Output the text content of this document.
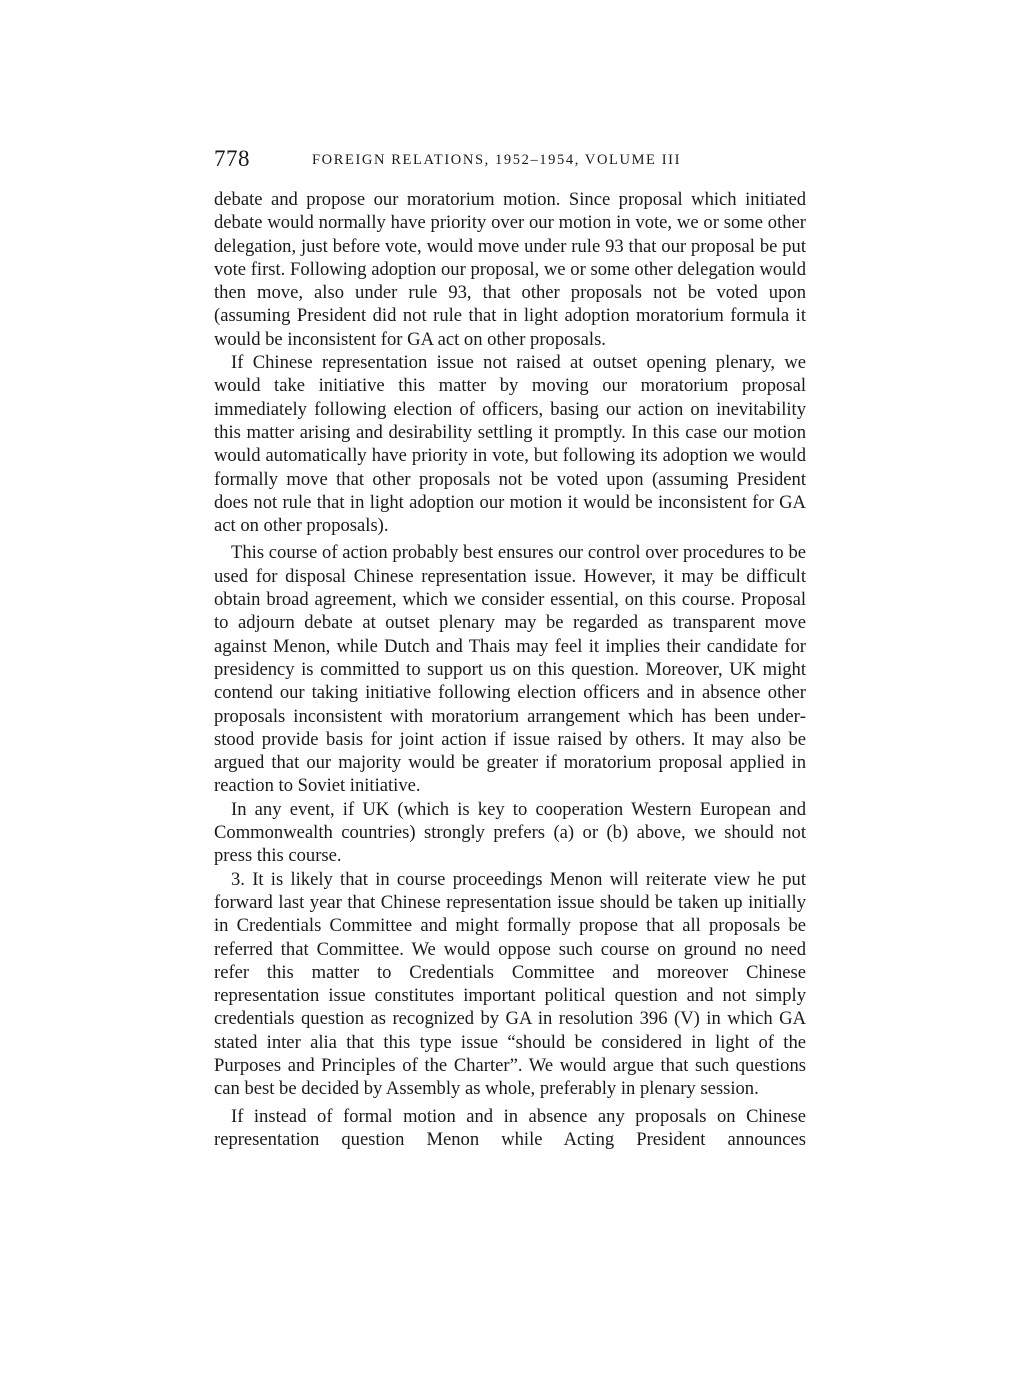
778	FOREIGN RELATIONS, 1952–1954, VOLUME III

debate and propose our moratorium motion. Since proposal which initiated debate would normally have priority over our motion in vote, we or some other delegation, just before vote, would move under rule 93 that our proposal be put vote first. Following adoption our proposal, we or some other delegation would then move, also under rule 93, that other proposals not be voted upon (assuming President did not rule that in light adoption moratorium formula it would be inconsistent for GA act on other proposals.

If Chinese representation issue not raised at outset opening plenary, we would take initiative this matter by moving our moratorium proposal immediately following election of officers, basing our action on inevitability this matter arising and desirability settling it promptly. In this case our motion would automatically have priority in vote, but following its adoption we would formally move that other proposals not be voted upon (assuming President does not rule that in light adoption our motion it would be inconsistent for GA act on other proposals).

This course of action probably best ensures our control over procedures to be used for disposal Chinese representation issue. However, it may be difficult obtain broad agreement, which we consider essential, on this course. Proposal to adjourn debate at outset plenary may be regarded as transparent move against Menon, while Dutch and Thais may feel it implies their candidate for presidency is committed to support us on this question. Moreover, UK might contend our taking initiative following election officers and in absence other proposals inconsistent with moratorium arrangement which has been understood provide basis for joint action if issue raised by others. It may also be argued that our majority would be greater if moratorium proposal applied in reaction to Soviet initiative.

In any event, if UK (which is key to cooperation Western European and Commonwealth countries) strongly prefers (a) or (b) above, we should not press this course.

3. It is likely that in course proceedings Menon will reiterate view he put forward last year that Chinese representation issue should be taken up initially in Credentials Committee and might formally propose that all proposals be referred that Committee. We would oppose such course on ground no need refer this matter to Credentials Committee and moreover Chinese representation issue constitutes important political question and not simply credentials question as recognized by GA in resolution 396 (V) in which GA stated inter alia that this type issue “should be considered in light of the Purposes and Principles of the Charter”. We would argue that such questions can best be decided by Assembly as whole, preferably in plenary session.

If instead of formal motion and in absence any proposals on Chinese representation question Menon while Acting President announces
